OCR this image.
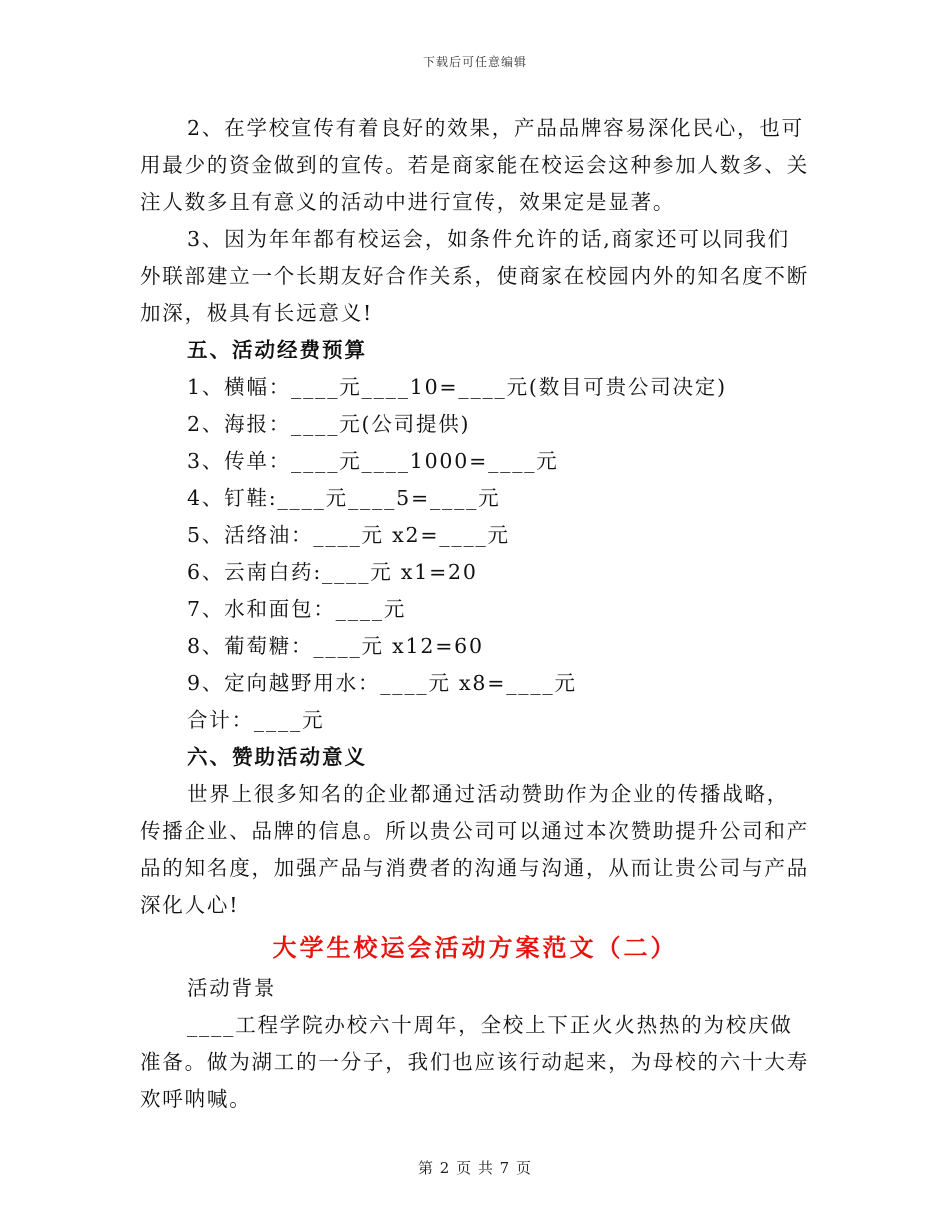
下载后可任意编辑

2、在学校宣传有着良好的效果，产品品牌容易深化民心，也可用最少的资金做到的宣传。若是商家能在校运会这种参加人数多、关注人数多且有意义的活动中进行宣传，效果定是显著。

3、因为年年都有校运会，如条件允许的话,商家还可以同我们外联部建立一个长期友好合作关系，使商家在校园内外的知名度不断加深，极具有长远意义!

五、活动经费预算

1、横幅：____元____10=____元(数目可贵公司决定)

2、海报：____元(公司提供)

3、传单：____元____1000=____元

4、钉鞋:____元____5=____元

5、活络油：____元 x2=____元

6、云南白药:____元 x1=20

7、水和面包：____元

8、葡萄糖：____元 x12=60

9、定向越野用水：____元 x8=____元

合计：____元

六、赞助活动意义

世界上很多知名的企业都通过活动赞助作为企业的传播战略，传播企业、品牌的信息。所以贵公司可以通过本次赞助提升公司和产品的知名度，加强产品与消费者的沟通与沟通，从而让贵公司与产品深化人心!

大学生校运会活动方案范文（二）

活动背景

____工程学院办校六十周年，全校上下正火火热热的为校庆做准备。做为湖工的一分子，我们也应该行动起来，为母校的六十大寿欢呼呐喊。

第 2 页 共 7 页
